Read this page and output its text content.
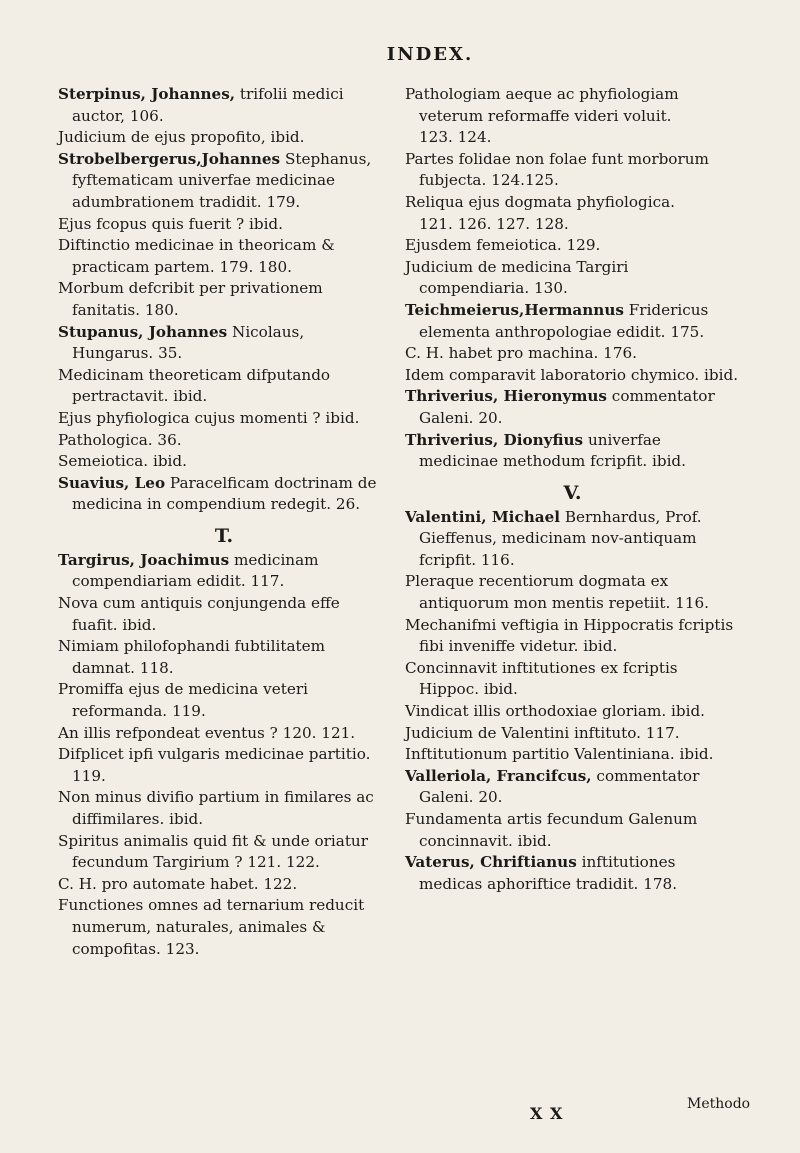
INDEX.

Sterpinus, Johannes, trifolii medici auctor, 106.

Judicium de ejus propofito, ibid.

Strobelbergerus,Johannes Stephanus, fyftematicam univerfae medicinae adumbrationem tradidit. 179.

Ejus fcopus quis fuerit ? ibid.

Diftinctio medicinae in theoricam & practicam partem. 179. 180.

Morbum defcribit per privationem fanitatis. 180.

Stupanus, Johannes Nicolaus, Hungarus. 35.

Medicinam theoreticam difputando pertractavit. ibid.

Ejus phyfiologica cujus momenti ? ibid.

Pathologica. 36.

Semeiotica. ibid.

Suavius, Leo Paracelficam doctrinam de medicina in compendium redegit. 26.

T.

Targirus, Joachimus medicinam compendiariam edidit. 117.

Nova cum antiquis conjungenda effe fuafit. ibid.

Nimiam philofophandi fubtilitatem damnat. 118.

Promiffa ejus de medicina veteri reformanda. 119.

An illis refpondeat eventus ? 120. 121.

Difplicet ipfi vulgaris medicinae partitio. 119.

Non minus divifio partium in fimilares ac diffimilares. ibid.

Spiritus animalis quid fit & unde oriatur fecundum Targirium ? 121. 122.

C. H. pro automate habet. 122.

Functiones omnes ad ternarium reducit numerum, naturales, animales & compofitas. 123.

Pathologiam aeque ac phyfiologiam veterum reformaffe videri voluit. 123. 124.

Partes folidae non folae funt morborum fubjecta. 124.125.

Reliqua ejus dogmata phyfiologica. 121. 126. 127. 128.

Ejusdem femeiotica. 129.

Judicium de medicina Targiri compendiaria. 130.

Teichmeierus,Hermannus Fridericus elementa anthropologiae edidit. 175.

C. H. habet pro machina. 176.

Idem comparavit laboratorio chymico. ibid.

Thriverius, Hieronymus commentator Galeni. 20.

Thriverius, Dionyfius univerfae medicinae methodum fcripfit. ibid.

V.

Valentini, Michael Bernhardus, Prof. Gieffenus, medicinam nov-antiquam fcripfit. 116.

Pleraque recentiorum dogmata ex antiquorum mon mentis repetiit. 116.

Mechanifmi veftigia in Hippocratis fcriptis fibi inveniffe videtur. ibid.

Concinnavit inftitutiones ex fcriptis Hippoc. ibid.

Vindicat illis orthodoxiae gloriam. ibid.

Judicium de Valentini inftituto. 117.

Inftitutionum partitio Valentiniana. ibid.

Valleriola, Francifcus, commentator Galeni. 20.

Fundamenta artis fecundum Galenum concinnavit. ibid.

Vaterus, Chriftianus inftitutiones medicas aphoriftice tradidit. 178.

X X	Methodo
